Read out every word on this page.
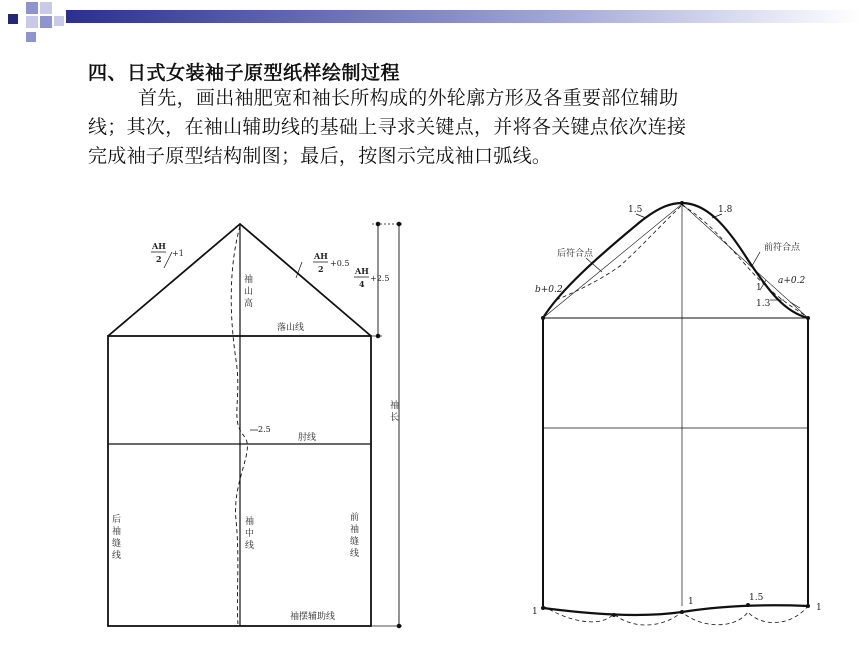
四、日式女装袖子原型纸样绘制过程
首先，画出袖肥宽和袖长所构成的外轮廓方形及各重要部位辅助
线；其次，在袖山辅助线的基础上寻求关键点，并将各关键点依次连接
完成袖子原型结构制图；最后，按图示完成袖口弧线。
AH
2
+1	AH
2
+0.5
AH
4
+2.5
袖
山
高
落山线
袖
长
2.5
肘线
后
袖
缝
线
袖
中
线
前
袖
缝
线
袖摆辅助线
1.5	1.8
后符合点
前符合点
b+0.2
a+0.2
1
1.3
1
1	1.5
1
